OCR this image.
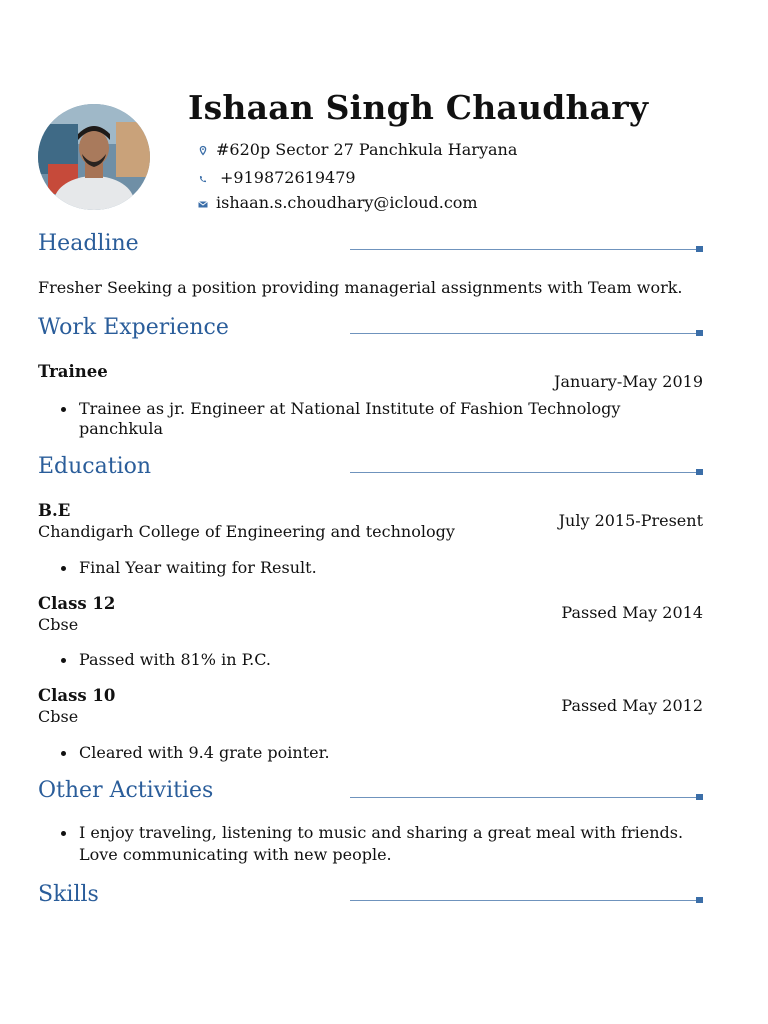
Ishaan Singh Chaudhary
#620p Sector 27 Panchkula Haryana
+919872619479
ishaan.s.choudhary@icloud.com
Headline
Fresher Seeking a position providing managerial assignments with Team work.
Work Experience
Trainee
January-May 2019
Trainee as jr. Engineer at National Institute of Fashion Technology
panchkula
Education
B.E
Chandigarh College of Engineering and technology
July 2015-Present
Final Year waiting for Result.
Class 12
Cbse
Passed May 2014
Passed with 81% in P.C.
Class 10
Cbse
Passed May 2012
Cleared with 9.4 grate pointer.
Other Activities
I enjoy traveling, listening to music and sharing a great meal with friends.
Love communicating with new people.
Skills
